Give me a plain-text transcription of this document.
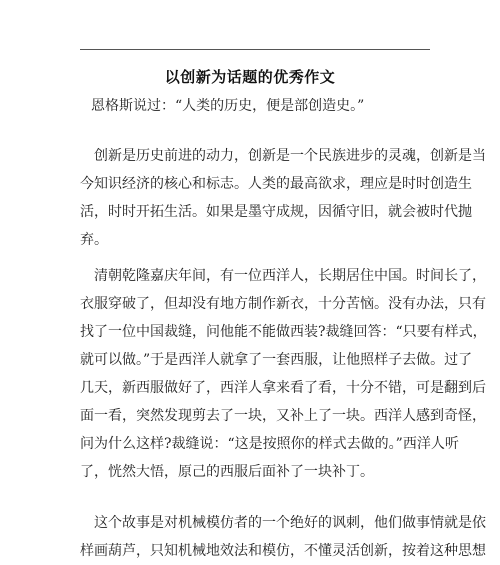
以创新为话题的优秀作文
恩格斯说过：“人类的历史，便是部创造史。”
　创新是历史前进的动力，创新是一个民族进步的灵魂，创新是当
今知识经济的核心和标志。人类的最高欲求，理应是时时创造生
活，时时开拓生活。如果是墨守成规，因循守旧，就会被时代抛
弃。
　清朝乾隆嘉庆年间，有一位西洋人，长期居住中国。时间长了，
衣服穿破了，但却没有地方制作新衣，十分苦恼。没有办法，只有
找了一位中国裁缝，问他能不能做西装?裁缝回答：“只要有样式，
就可以做。”于是西洋人就拿了一套西服，让他照样子去做。过了
几天，新西服做好了，西洋人拿来看了看，十分不错，可是翻到后
面一看，突然发现剪去了一块，又补上了一块。西洋人感到奇怪，
问为什么这样?裁缝说：“这是按照你的样式去做的。”西洋人听
了，恍然大悟，原己的西服后面补了一块补丁。
　这个故事是对机械模仿者的一个绝好的讽刺，他们做事情就是依
样画葫芦，只知机械地效法和模仿，不懂灵活创新，按着这种思想
